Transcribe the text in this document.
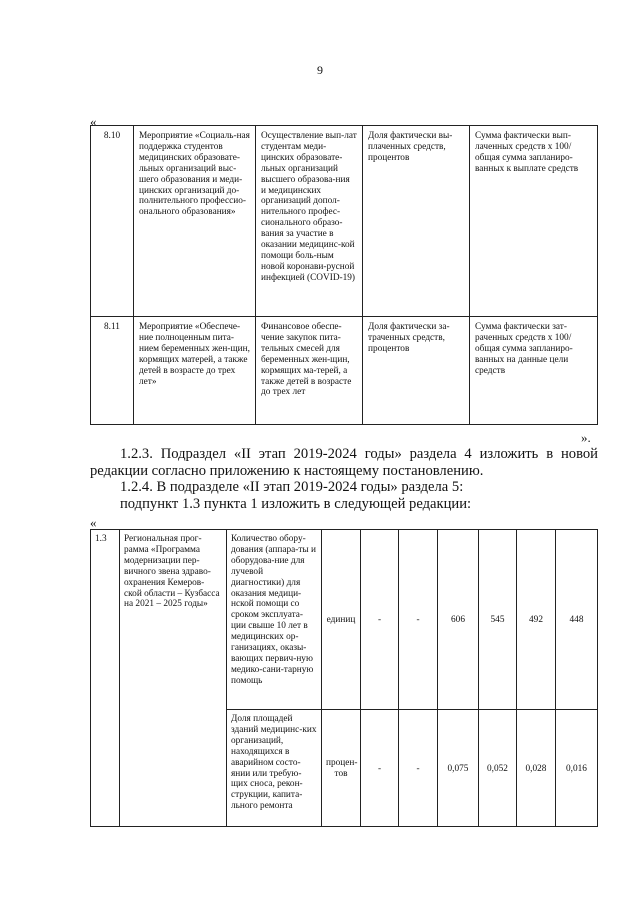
9
«
8.10	Мероприятие «Социаль-ная поддержка студентов медицинских образовате-льных организаций выс-шего образования и меди-цинских организаций до-полнительного профессио-онального образования»	Осуществление вып-лат студентам меди-цинских образовате-льных организаций высшего образова-ния и медицинских организаций допол-нительного профес-сионального образо-вания за участие в оказании медицинс-кой помощи боль-ным новой коронави-русной инфекцией (COVID-19)	Доля фактически вы-плаченных средств, процентов	Сумма фактически вып-лаченных средств х 100/ общая сумма запланиро-ванных к выплате средств
8.11	Мероприятие «Обеспече-ние полноценным пита-нием беременных жен-щин, кормящих матерей, а также детей в возрасте до трех лет»	Финансовое обеспе-чение закупок пита-тельных смесей для беременных жен-щин, кормящих ма-терей, а также детей в возрасте до трех лет	Доля фактически за-траченных средств, процентов	Сумма фактически зат-раченных средств х 100/ общая сумма запланиро-ванных на данные цели средств
».
1.2.3. Подраздел «II этап 2019-2024 годы» раздела 4 изложить в новой редакции согласно приложению к настоящему постановлению.
1.2.4. В подразделе «II этап 2019-2024 годы» раздела 5:
подпункт 1.3 пункта 1 изложить в следующей редакции:
«
1.3	Региональная прог-рамма «Программа модернизации пер-вичного звена здраво-охранения Кемеров-ской области – Кузбасса на 2021 – 2025 годы»	Количество обору-дования (аппара-ты и оборудова-ние для лучевой диагностики) для оказания медици-нской помощи со сроком эксплуата-ции свыше 10 лет в медицинских ор-ганизациях, оказы-вающих первич-ную медико-сани-тарную помощь	единиц	-	-	606	545	492	448
		Доля площадей зданий медицинс-ких организаций, находящихся в аварийном состо-янии или требую-щих сноса, рекон-струкции, капита-льного ремонта	процен-тов	-	-	0,075	0,052	0,028	0,016
